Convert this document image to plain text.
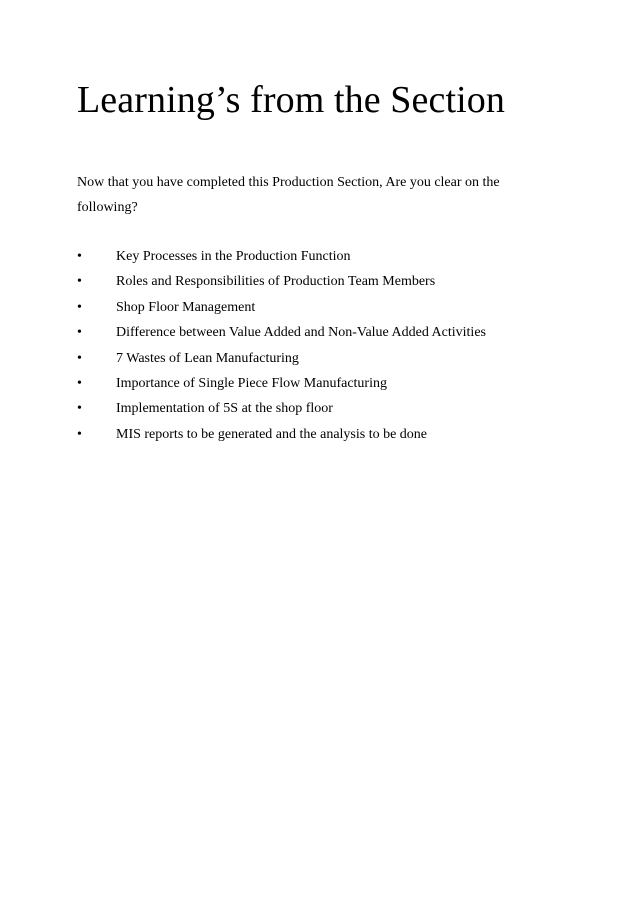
Learning’s from the Section

Now that you have completed this Production Section, Are you clear on the following?

•	Key Processes in the Production Function
•	Roles and Responsibilities of Production Team Members
•	Shop Floor Management
•	Difference between Value Added and Non-Value Added Activities
•	7 Wastes of Lean Manufacturing
•	Importance of Single Piece Flow Manufacturing
•	Implementation of 5S at the shop floor
•	MIS reports to be generated and the analysis to be done
